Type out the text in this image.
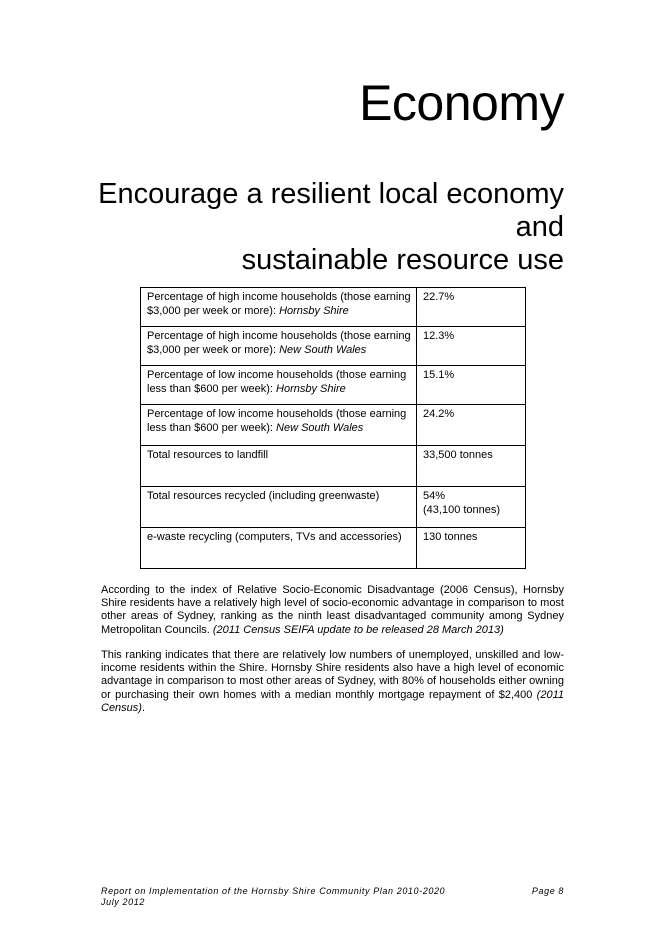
Economy
Encourage a resilient local economy and
sustainable resource use
Percentage of high income households (those earning $3,000 per week or more): Hornsby Shire	22.7%
Percentage of high income households (those earning $3,000 per week or more): New South Wales	12.3%
Percentage of low income households (those earning less than $600 per week): Hornsby Shire	15.1%
Percentage of low income households (those earning less than $600 per week): New South Wales	24.2%
Total resources to landfill	33,500 tonnes
Total resources recycled (including greenwaste)	54%
(43,100 tonnes)
e-waste recycling (computers, TVs and accessories)	130 tonnes

According to the index of Relative Socio-Economic Disadvantage (2006 Census), Hornsby Shire residents have a relatively high level of socio-economic advantage in comparison to most other areas of Sydney, ranking as the ninth least disadvantaged community among Sydney Metropolitan Councils. (2011 Census SEIFA update to be released 28 March 2013)

This ranking indicates that there are relatively low numbers of unemployed, unskilled and low-income residents within the Shire. Hornsby Shire residents also have a high level of economic advantage in comparison to most other areas of Sydney, with 80% of households either owning or purchasing their own homes with a median monthly mortgage repayment of $2,400 (2011 Census).

Report on Implementation of the Hornsby Shire Community Plan 2010-2020
July 2012
Page 8
